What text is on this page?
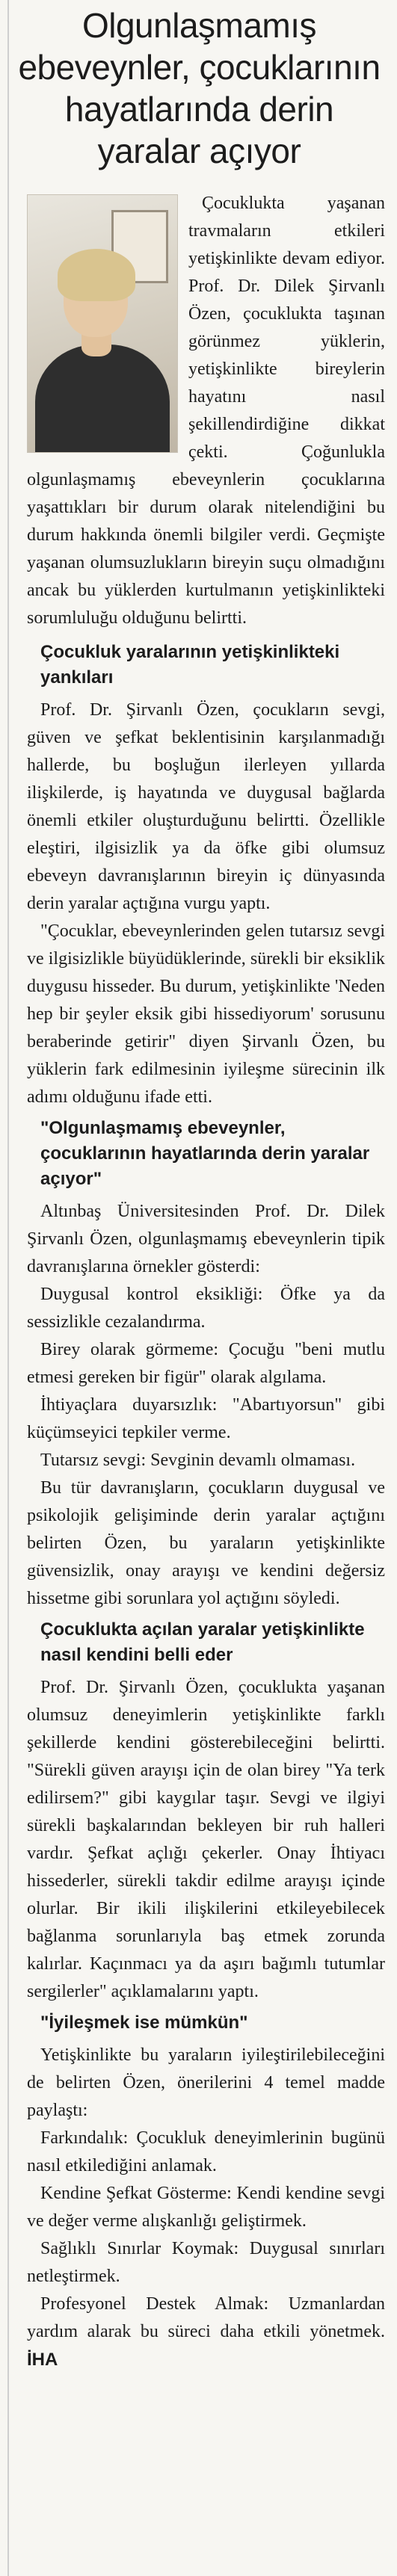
Olgunlaşmamış ebeveynler, çocuklarının hayatlarında derin yaralar açıyor

Çocuklukta yaşanan travmaların etkileri yetişkinlikte devam ediyor. Prof. Dr. Dilek Şirvanlı Özen, çocuklukta taşınan görünmez yüklerin, yetişkinlikte bireylerin hayatını nasıl şekillendirdiğine dikkat çekti. Çoğunlukla olgunlaşmamış ebeveynlerin çocuklarına yaşattıkları bir durum olarak nitelendiğini bu durum hakkında önemli bilgiler verdi. Geçmişte yaşanan olumsuzlukların bireyin suçu olmadığını ancak bu yüklerden kurtulmanın yetişkinlikteki sorumluluğu olduğunu belirtti.

Çocukluk yaralarının yetişkinlikteki yankıları

Prof. Dr. Şirvanlı Özen, çocukların sevgi, güven ve şefkat beklentisinin karşılanmadığı hallerde, bu boşluğun ilerleyen yıllarda ilişkilerde, iş hayatında ve duygusal bağlarda önemli etkiler oluşturduğunu belirtti. Özellikle eleştiri, ilgisizlik ya da öfke gibi olumsuz ebeveyn davranışlarının bireyin iç dünyasında derin yaralar açtığına vurgu yaptı.

"Çocuklar, ebeveynlerinden gelen tutarsız sevgi ve ilgisizlikle büyüdüklerinde, sürekli bir eksiklik duygusu hisseder. Bu durum, yetişkinlikte 'Neden hep bir şeyler eksik gibi hissediyorum' sorusunu beraberinde getirir" diyen Şirvanlı Özen, bu yüklerin fark edilmesinin iyileşme sürecinin ilk adımı olduğunu ifade etti.

"Olgunlaşmamış ebeveynler, çocuklarının hayatlarında derin yaralar açıyor"

Altınbaş Üniversitesinden Prof. Dr. Dilek Şirvanlı Özen, olgunlaşmamış ebeveynlerin tipik davranışlarına örnekler gösterdi:

Duygusal kontrol eksikliği: Öfke ya da sessizlikle cezalandırma.

Birey olarak görmeme: Çocuğu "beni mutlu etmesi gereken bir figür" olarak algılama.

İhtiyaçlara duyarsızlık: "Abartıyorsun" gibi küçümseyici tepkiler verme.

Tutarsız sevgi: Sevginin devamlı olmaması.

Bu tür davranışların, çocukların duygusal ve psikolojik gelişiminde derin yaralar açtığını belirten Özen, bu yaraların yetişkinlikte güvensizlik, onay arayışı ve kendini değersiz hissetme gibi sorunlara yol açtığını söyledi.

Çocuklukta açılan yaralar yetişkinlikte nasıl kendini belli eder

Prof. Dr. Şirvanlı Özen, çocuklukta yaşanan olumsuz deneyimlerin yetişkinlikte farklı şekillerde kendini gösterebileceğini belirtti. "Sürekli güven arayışı için de olan birey "Ya terk edilirsem?" gibi kaygılar taşır. Sevgi ve ilgiyi sürekli başkalarından bekleyen bir ruh halleri vardır. Şefkat açlığı çekerler. Onay İhtiyacı hissederler, sürekli takdir edilme arayışı içinde olurlar. Bir ikili ilişkilerini etkileyebilecek bağlanma sorunlarıyla baş etmek zorunda kalırlar. Kaçınmacı ya da aşırı bağımlı tutumlar sergilerler" açıklamalarını yaptı.

"İyileşmek ise mümkün"

Yetişkinlikte bu yaraların iyileştirilebileceğini de belirten Özen, önerilerini 4 temel madde paylaştı:

Farkındalık: Çocukluk deneyimlerinin bugünü nasıl etkilediğini anlamak.

Kendine Şefkat Gösterme: Kendi kendine sevgi ve değer verme alışkanlığı geliştirmek.

Sağlıklı Sınırlar Koymak: Duygusal sınırları netleştirmek.

Profesyonel Destek Almak: Uzmanlardan yardım alarak bu süreci daha etkili yönetmek. İHA
